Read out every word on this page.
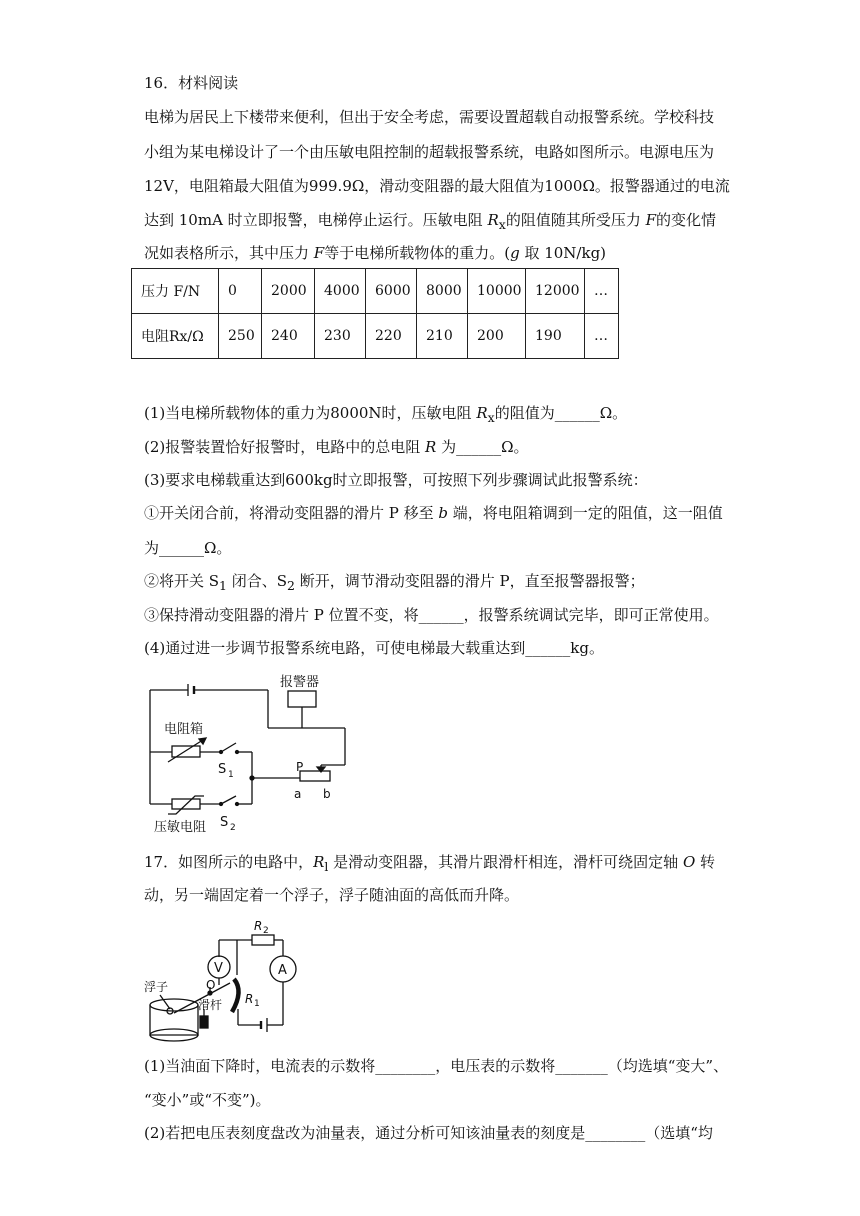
16．材料阅读
电梯为居民上下楼带来便利，但出于安全考虑，需要设置超载自动报警系统。学校科技
小组为某电梯设计了一个由压敏电阻控制的超载报警系统，电路如图所示。电源电压为
12V，电阻箱最大阻值为999.9Ω，滑动变阻器的最大阻值为1000Ω。报警器通过的电流
达到 10mA 时立即报警，电梯停止运行。压敏电阻 $R_x$的阻值随其所受压力 F的变化情
况如表格所示，其中压力 F等于电梯所载物体的重力。(g 取 10N/kg)
压力 F/N	0	2000	4000	6000	8000	10000	12000	…
电阻Rx/Ω	250	240	230	220	210	200	190	…
(1)当电梯所载物体的重力为8000N时，压敏电阻 $R_x$的阻值为______Ω。
(2)报警装置恰好报警时，电路中的总电阻 R 为______Ω。
(3)要求电梯载重达到600kg时立即报警，可按照下列步骤调试此报警系统：
①开关闭合前，将滑动变阻器的滑片 P 移至 b 端，将电阻箱调到一定的阻值，这一阻值
为______Ω。
②将开关 $S_1$ 闭合、$S_2$ 断开，调节滑动变阻器的滑片 P，直至报警器报警；
③保持滑动变阻器的滑片 P 位置不变，将______，报警系统调试完毕，即可正常使用。
(4)通过进一步调节报警系统电路，可使电梯最大载重达到______kg。
报警器
电阻箱
压敏电阻
S 1
S 2
P
a b
17．如图所示的电路中，$R_l$ 是滑动变阻器，其滑片跟滑杆相连，滑杆可绕固定轴 O 转
动，另一端固定着一个浮子，浮子随油面的高低而升降。
浮子
滑杆
O
V	A
R 2
R 1
(1)当油面下降时，电流表的示数将________，电压表的示数将_______（均选填“变大”、
“变小”或“不变”)。
(2)若把电压表刻度盘改为油量表，通过分析可知该油量表的刻度是________（选填“均
